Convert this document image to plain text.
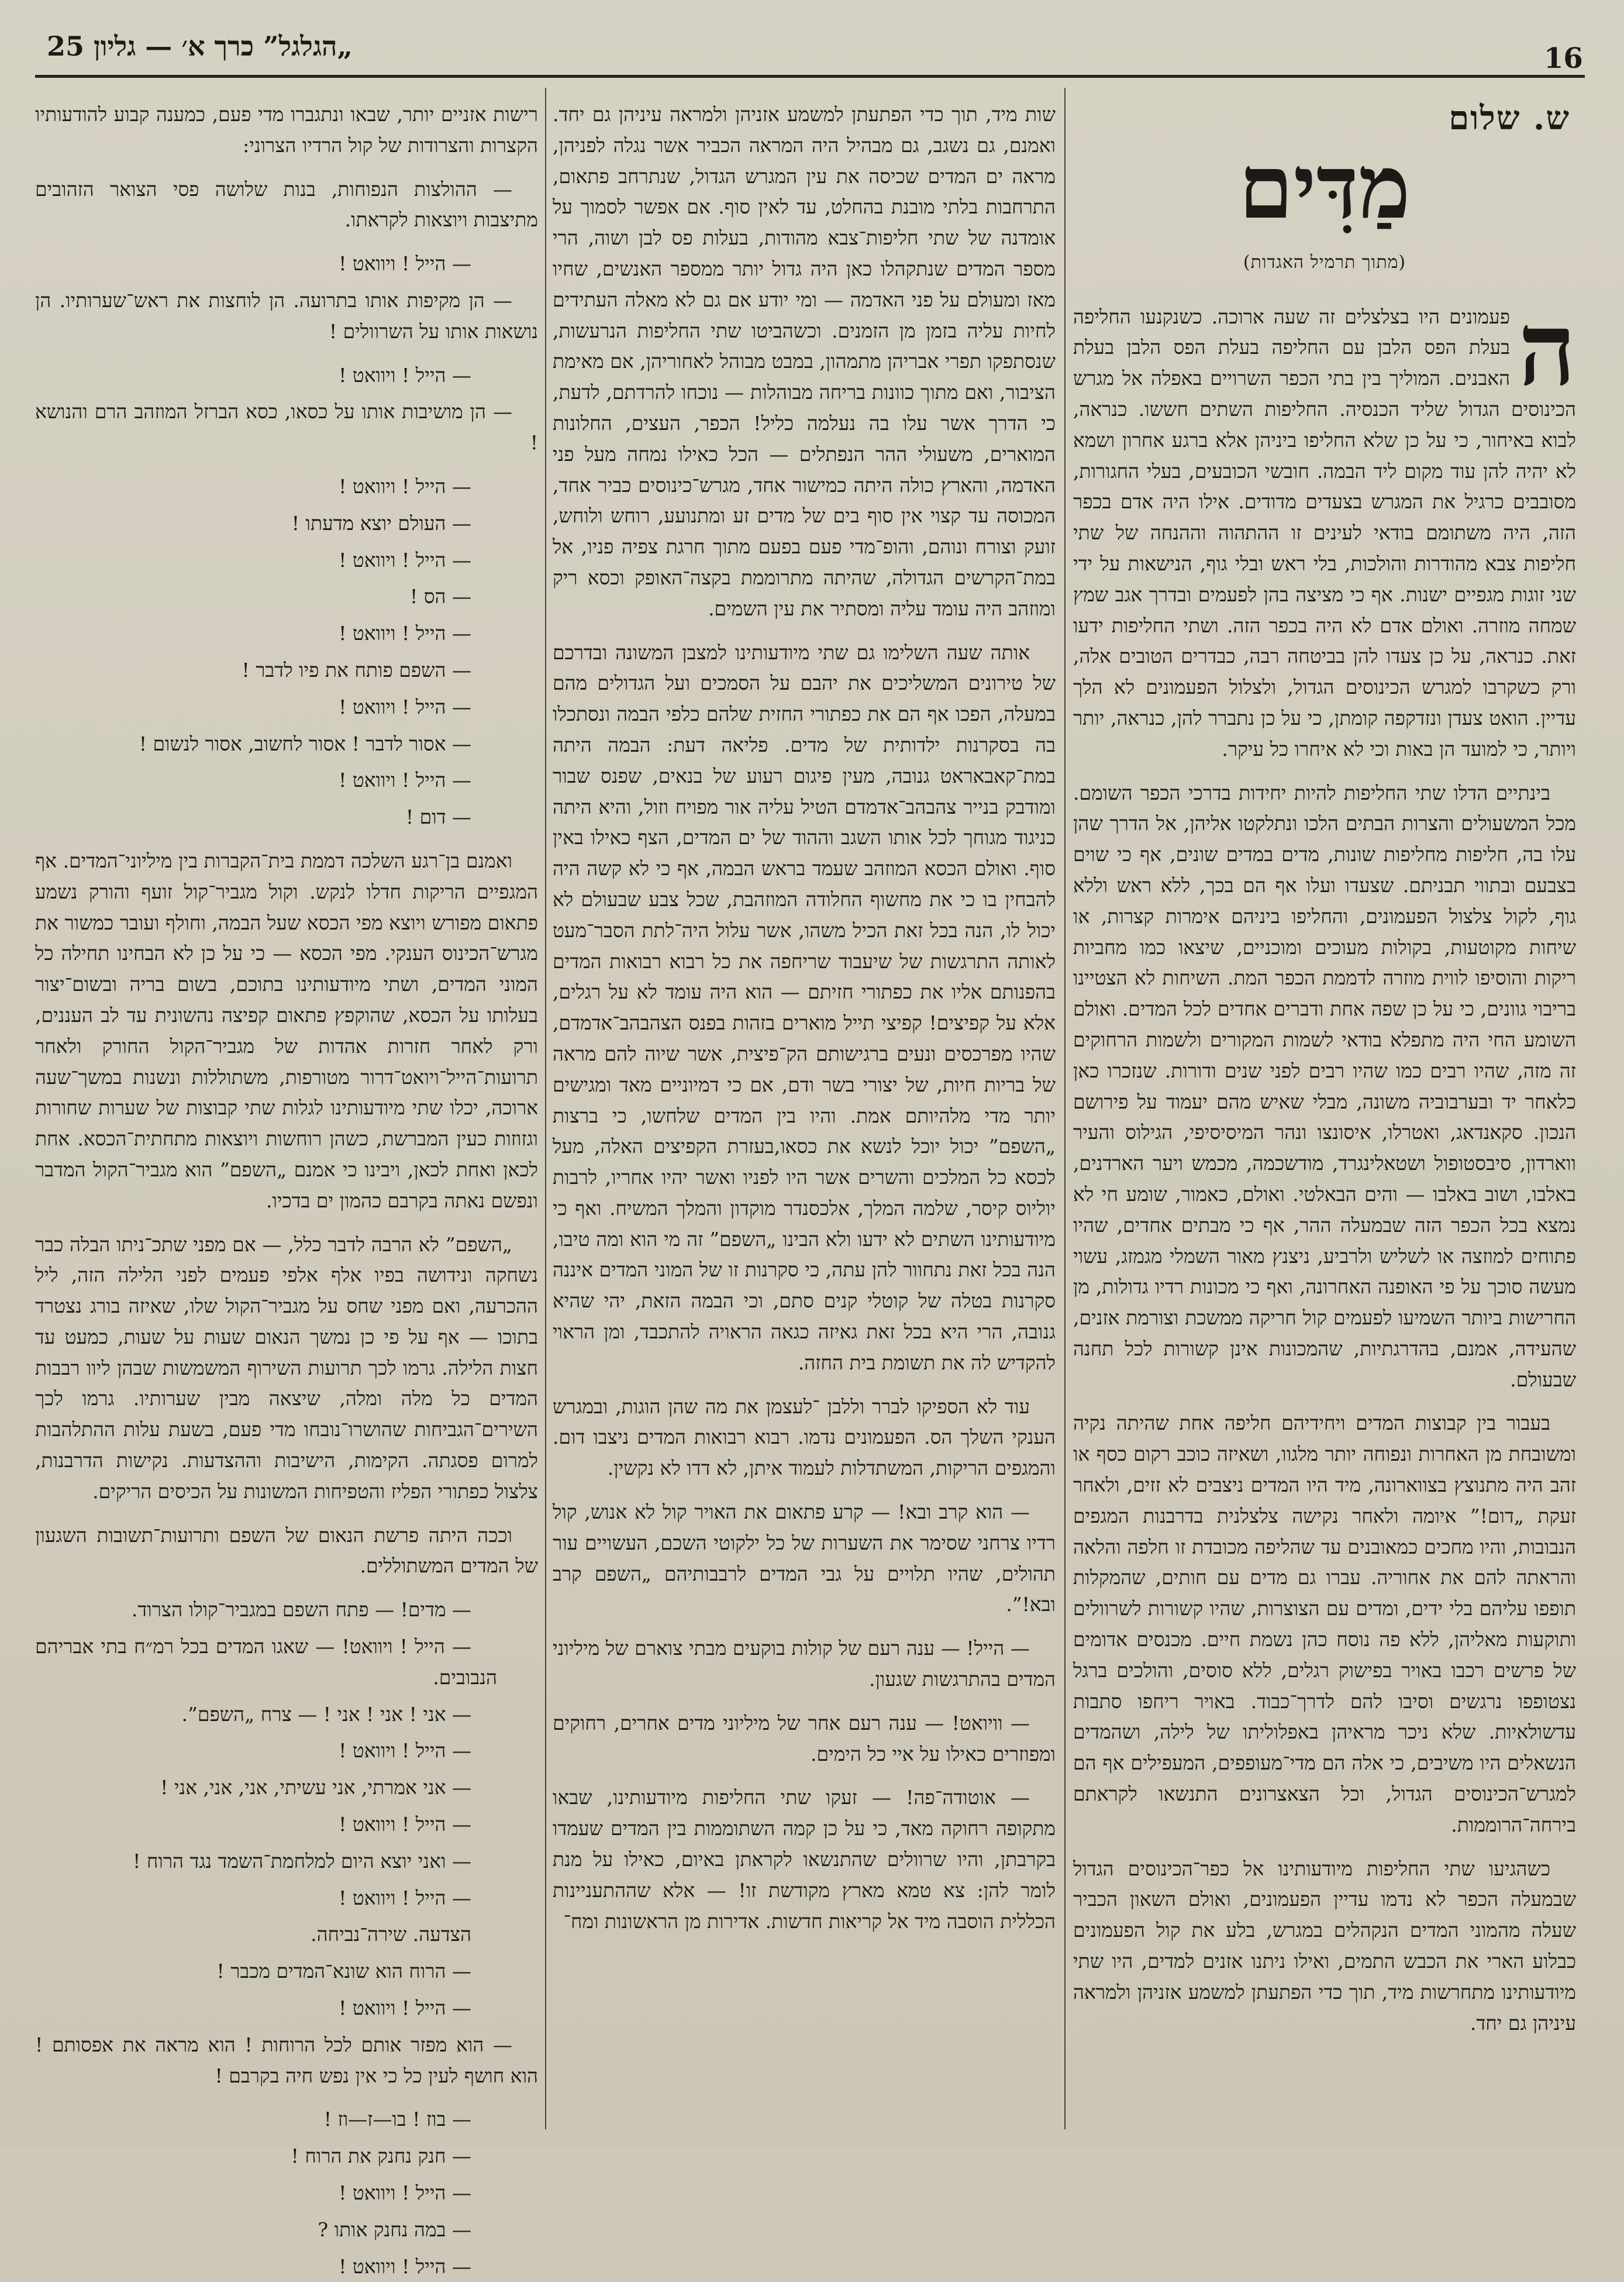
„הגלגל” כרך א׳ — גליון 25	16
ש. שלום
מַדִּים
(מתוך תרמיל האגדות)

ה
פעמונים היו בצלצלים זה שעה ארוכה. כשנקנעו החליפה בעלת הפס הלבן עם החליפה בעלת הפס הלבן בעלת האבנים. המוליך בין בתי הכפר השרויים באפלה אל מגרש הכינוסים הגדול שליד הכנסיה. החליפות השתים חששו. כנראה, לבוא באיחור, כי על כן שלא החליפו ביניהן אלא ברגע אחרון ושמא לא יהיה להן עוד מקום ליד הבמה. חובשי הכובעים, בעלי החגורות, מסובבים כרגיל את המגרש בצעדים מדודים. אילו היה אדם בכפר הזה, היה משתומם בודאי לעינים זו ההתהוה וההנחה של שתי חליפות צבא מהודרות והולכות, בלי ראש ובלי גוף, הנישאות על ידי שני זוגות מגפיים ישנות. אף כי מציצה בהן לפעמים ובדרך אגב שמץ שמחה מוזרה. ואולם אדם לא היה בכפר הזה. ושתי החליפות ידעו זאת. כנראה, על כן צעדו להן בביטחה רבה, כבדרים הטובים אלה, ורק כשקרבו למגרש הכינוסים הגדול, ולצלול הפעמונים לא הלך עדיין. הואט צעדן ונזדקפה קומתן, כי על כן נתברר להן, כנראה, יותר ויותר, כי למועד הן באות וכי לא איחרו כל עיקר.

בינתיים הדלו שתי החליפות להיות יחידות בדרכי הכפר השומם. מכל המשעולים והצרות הבתים הלכו ונתלקטו אליהן, אל הדרך שהן עלו בה, חליפות מחליפות שונות, מדים במדים שונים, אף כי שוים בצבעם ובתווי תבניתם. שצעדו ועלו אף הם בכך, ללא ראש וללא גוף, לקול צלצול הפעמונים, והחליפו ביניהם אימרות קצרות, או שיחות מקוטעות, בקולות מעוכים ומוכניים, שיצאו כמו מחביות ריקות והוסיפו לווית מוזרה לדממת הכפר המת. השיחות לא הצטיינו בריבוי גוונים, כי על כן שפה אחת ודברים אחדים לכל המדים. ואולם השומע החי היה מתפלא בודאי לשמות המקורים ולשמות הרחוקים זה מזה, שהיו רבים כמו שהיו רבים לפני שנים ודורות. שנזכרו כאן כלאחר יד ובערבוביה משונה, מבלי שאיש מהם יעמוד על פירושם הנכון. סקאנדאג, ואטרלו, איסונצו ונהר המיסיסיפי, הגילוס והעיר ווארדון, סיבסטופול ושטאלינגרד, מודשכמה, מכמש ויער הארדנים, באלבו, ושוב באלבו — והים הבאלטי. ואולם, כאמור, שומע חי לא נמצא בכל הכפר הזה שבמעלה ההר, אף כי מבתים אחדים, שהיו פתוחים למוזצה או לשליש ולרביע, ניצנץ מאור השמלי מגמזג, עשוי מעשה סוכך על פי האופנה האחרונה, ואף כי מכונות רדיו גדולות, מן החרישות ביותר השמיעו לפעמים קול חריקה ממשכת וצורמת אזנים, שהעידה, אמנם, בהדרגתיות, שהמכונות אינן קשורות לכל תחנה שבעולם.

בעבור בין קבוצות המדים ויחידיהם חליפה אחת שהיתה נקיה ומשובחת מן האחרות ונפוחה יותר מלגוו, ושאיזה כוכב רקום כסף או זהב היה מתנוצץ בצווארונה, מיד היו המדים ניצבים לא זזים, ולאחר זעקת „דום!” איומה ולאחר נקישה צלצלנית בדרבנות המגפים הנבובות, והיו מחכים כמאובנים עד שהליפה מכובדת זו חלפה והלאה והראתה להם את אחוריה. עברו גם מדים עם חותים, שהמקלות תופפו עליהם בלי ידים, ומדים עם הצוצרות, שהיו קשורות לשרוולים ותוקעות מאליהן, ללא פה נוסח כהן נשמת חיים. מכנסים אדומים של פרשים רכבו באויר בפישוק רגלים, ללא סוסים, והולכים ברגל נצטופפו נרגשים וסיבו להם לדרך־כבוד. באויר ריחפו סתבות עדשולאיות. שלא ניכר מראיהן באפלוליתו של לילה, ושהמדים הנשאלים היו משיבים, כי אלה הם מדי־מעופפים, המעפילים אף הם למגרש־הכינוסים הגדול, וכל הצאצרונים התנשאו לקראתם בירחה־הרוממות.

כשהגיעו שתי החליפות מיודעותינו אל כפר־הכינוסים הגדול שבמעלה הכפר לא נדמו עדיין הפעמונים, ואולם השאון הכביר שעלה מהמוני המדים הנקהלים במגרש, בלע את קול הפעמונים כבלוע הארי את הכבש התמים, ואילו ניתנו אזנים למדים, היו שתי מיודעותינו מתחרשות מיד, תוך כדי הפתעתן למשמע אזניהן ולמראה עיניהן גם יחד.

שות מיד, תוך כדי הפתעתן למשמע אזניהן ולמראה עיניהן גם יחד. ואמנם, גם נשגב, גם מבהיל היה המראה הכביר אשר נגלה לפניהן, מראה ים המדים שכיסה את עין המגרש הגדול, שנתרחב פתאום, התרחבות בלתי מובנת בהחלט, עד לאין סוף. אם אפשר לסמוך על אומדנה של שתי חליפות־צבא מהודות, בעלות פס לבן ושוה, הרי מספר המדים שנתקהלו כאן היה גדול יותר ממספר האנשים, שחיו מאז ומעולם על פני האדמה — ומי יודע אם גם לא מאלה העתידים לחיות עליה בזמן מן הזמנים. וכשהביטו שתי החליפות הנרעשות, שנסתפקו תפרי אבריהן מתמהון, במבט מבוהל לאחוריהן, אם מאימת הציבור, ואם מתוך כוונות בריחה מבוהלות — נוכחו להרדתם, לדעת, כי הדרך אשר עלו בה נעלמה כליל! הכפר, העצים, החלונות המוארים, משעולי ההר הנפתלים — הכל כאילו נמחה מעל פני האדמה, והארץ כולה היתה כמישור אחד, מגרש־כינוסים כביר אחד, המכוסה עד קצוי אין סוף בים של מדים זע ומתנועע, רוחש ולוחש, זועק וצורח ונוהם, והופ־מדי פעם בפעם מתוך חרגת צפיה פניו, אל במת־הקרשים הגדולה, שהיתה מתרוממת בקצה־האופק וכסא ריק ומוזהב היה עומד עליה ומסתיר את עין השמים.

אותה שעה השלימו גם שתי מיודעותינו למצבן המשונה ובדרכם של טירונים המשליכים את יהבם על הסמכים ועל הגדולים מהם במעלה, הפכו אף הם את כפתורי החזית שלהם כלפי הבמה ונסתכלו בה בסקרנות ילדותית של מדים. פליאה דעת: הבמה היתה במת־קאבאראט גנובה, מעין פיגום רעוע של בנאים, שפנס שבור ומודבק בנייר צהבהב־אדמדם הטיל עליה אור מפויח וזול, והיא היתה כניגוד מגוחך לכל אותו השגב וההוד של ים המדים, הצף כאילו באין סוף. ואולם הכסא המוזהב שעמד בראש הבמה, אף כי לא קשה היה להבחין בו כי את מחשוף החלודה המוזהבת, שכל צבע שבעולם לא יכול לו, הנה בכל זאת הכיל משהו, אשר עלול היה־לתת הסבר־מעט לאותה התרגשות של שיעבוד שריחפה את כל רבוא רבואות המדים בהפנותם אליו את כפתורי חזיתם — הוא היה עומד לא על רגלים, אלא על קפיצים! קפיצי תייל מוארים בזהות בפנס הצהבהב־אדמדם, שהיו מפרכסים ונעים ברגישותם הק־פיצית, אשר שיוה להם מראה של בריות חיות, של יצורי בשר ודם, אם כי דמיוניים מאד ומגישים יותר מדי מלהיותם אמת. והיו בין המדים שלחשו, כי ברצות „השפם” יכול יוכל לנשא את כסאו,בעזרת הקפיצים האלה, מעל לכסא כל המלכים והשרים אשר היו לפניו ואשר יהיו אחריו, לרבות יוליוס קיסר, שלמה המלך, אלכסנדר מוקדון והמלך המשיח. ואף כי מיודעותינו השתים לא ידעו ולא הבינו „השפם” זה מי הוא ומה טיבו, הנה בכל זאת נתחוור להן עתה, כי סקרנות זו של המוני המדים איננה סקרנות בטלה של קוטלי קנים סתם, וכי הבמה הזאת, יהי שהיא גנובה, הרי היא בכל זאת גאיזה כגאה הראויה להתכבד, ומן הראוי להקדיש לה את תשומת בית החזה.

עוד לא הספיקו לברר וללבן ־לעצמן את מה שהן הוגות, ובמגרש הענקי השלך הס. הפעמונים נדמו. רבוא רבואות המדים ניצבו דום. והמגפים הריקות, המשתדלות לעמוד איתן, לא דדו לא נקשין.

— הוא קרב ובא! — קרע פתאום את האויר קול לא אנוש, קול רדיו צרחני שסימר את השערות של כל ילקוטי השכם, העשויים עור תהולים, שהיו תלויים על גבי המדים לרבבותיהם „השפם קרב ובא!”.

— הייל! — ענה רעם של קולות בוקעים מבתי צוארם של מיליוני המדים בהתרגשות שגעון.

— וויואט! — ענה רעם אחר של מיליוני מדים אחרים, רחוקים ומפוזרים כאילו על איי כל הימים.

— אוטודה־פה! — זעקו שתי החליפות מיודעותינו, שבאו מתקופה רחוקה מאד, כי על כן קמה השתוממות בין המדים שעמדו בקרבתן, והיו שרוולים שהתנשאו לקראתן באיום, כאילו על מנת לומר להן: צא טמא מארץ מקודשת זו! — אלא שההתעניינות הכללית הוסבה מיד אל קריאות חדשות. אדירות מן הראשונות ומח־

רישות אזניים יותר, שבאו ונתגברו מדי פעם, כמענה קבוע להודעותיו הקצרות והצרודות של קול הרדיו הצרוני:

— ההולצות הנפוחות, בנות שלושה פסי הצואר הזהובים מתיצבות ויוצאות לקראתו.

— הייל ! ויוואט !

— הן מקיפות אותו בתרועה. הן לוחצות את ראש־שערותיו. הן נושאות אותו על השרוולים !

— הייל ! ויוואט !

— הן מושיבות אותו על כסאו, כסא הברזל המוזהב הרם והנושא !

— הייל ! ויוואט !

— העולם יוצא מדעתו !

— הייל ! ויוואט !

— הס !

— הייל ! ויוואט !

— השפם פותח את פיו לדבר !

— הייל ! ויוואט !

— אסור לדבר ! אסור לחשוב, אסור לנשום !

— הייל ! ויוואט !

— דום !

ואמנם בן־רגע השלכה דממת בית־הקברות בין מיליוני־המדים. אף המגפיים הריקות חדלו לנקש. וקול מגביר־קול זועף והורק נשמע פתאום מפורש ויוצא מפי הכסא שעל הבמה, וחולף ועובר כמשור את מגרש־הכינוס הענקי. מפי הכסא — כי על כן לא הבחינו תחילה כל המוני המדים, ושתי מיודעותינו בתוכם, בשום בריה ובשום־יצור בעלותו על הכסא, שהוקפץ פתאום קפיצה נהשונית עד לב העננים, ורק לאחר חזרות אהדות של מגביר־הקול החורק ולאחר תרועות־הייל־ויואט־דרור מטורפות, משתוללות ונשנות במשך־שעה ארוכה, יכלו שתי מיודעותינו לגלות שתי קבוצות של שערות שחורות וגזוזות כעין המברשת, כשהן רוחשות ויוצאות מתחתית־הכסא. אחת לכאן ואחת לכאן, ויבינו כי אמנם „השפם” הוא מגביר־הקול המדבר ונפשם נאתה בקרבם כהמון ים בדכיו.

„השפם” לא הרבה לדבר כלל, — אם מפני שתכ־ניתו הבלה כבר נשחקה ונידושה בפיו אלף אלפי פעמים לפני הלילה הזה, ליל ההכרעה, ואם מפני שחס על מגביר־הקול שלו, שאיזה בורג נצטרד בתוכו — אף על פי כן נמשך הנאום שעות על שעות, כמעט עד חצות הלילה. גרמו לכך תרועות השירוף המשמשות שבהן ליוו רבבות המדים כל מלה ומלה, שיצאה מבין שערותיו. גרמו לכך השירים־הגביחות שהושרו־נובחו מדי פעם, בשעת עלות ההתלהבות למרום פסגתה. הקימות, הישיבות וההצדעות. נקישות הדרבנות, צלצול כפתורי הפליז והטפיחות המשונות על הכיסים הריקים.

וככה היתה פרשת הנאום של השפם ותרועות־תשובות השגעון של המדים המשתוללים.

— מדים! — פתח השפם במגביר־קולו הצרוד.

— הייל ! ויוואט! — שאגו המדים בכל רמ״ח בתי אבריהם הנבובים.

— אני ! אני ! אני ! — צרח „השפם”.

— הייל ! ויוואט !

— אני אמרתי, אני עשיתי, אני, אני, אני !

— הייל ! ויוואט !

— ואני יוצא היום למלחמת־השמד נגד הרוח !

— הייל ! ויוואט !

הצדעה. שירה־נביחה.

— הרוח הוא שונא־המדים מכבר !

— הייל ! ויוואט !

— הוא מפזר אותם לכל הרוחות ! הוא מראה את אפסותם ! הוא חושף לעין כל כי אין נפש חיה בקרבם !

— בוז ! בו—ז—וז !

— חנק נחנק את הרוח !

— הייל ! ויוואט !

— במה נחנק אותו ?

— הייל ! ויוואט !
